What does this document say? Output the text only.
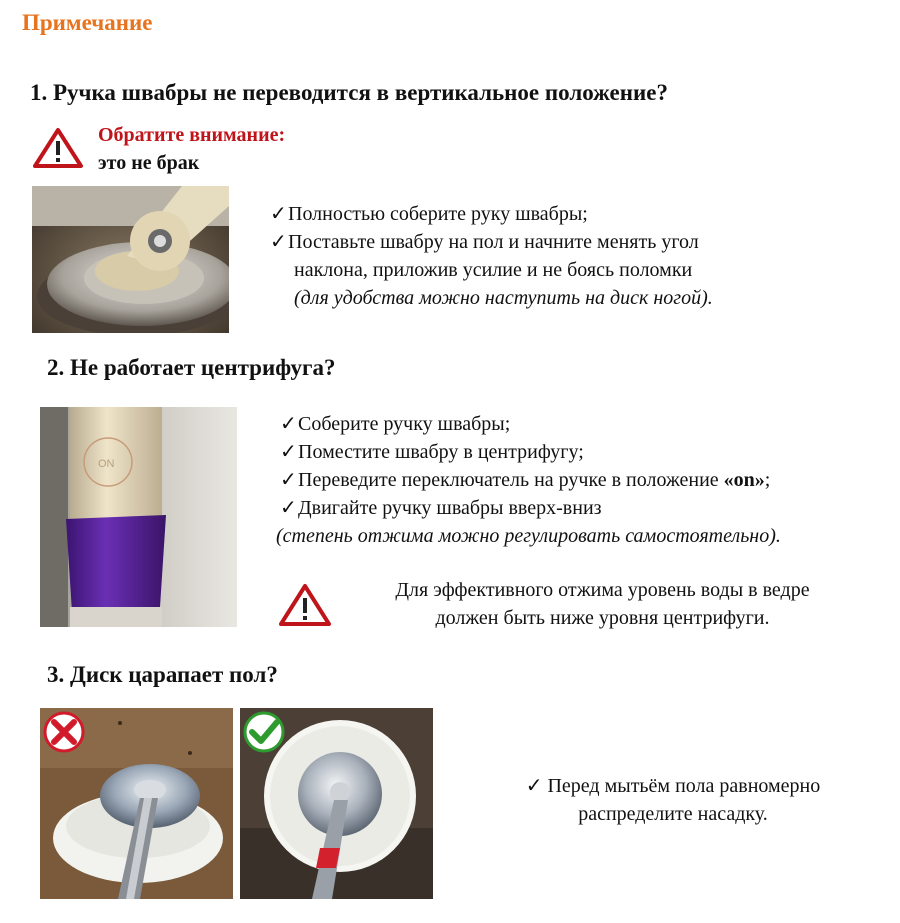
Примечание
1. Ручка швабры не переводится в вертикальное положение?
Обратите внимание:
это не брак
✓Полностью соберите руку швабры;
✓Поставьте швабру на пол и начните менять угол
наклона, приложив усилие и не боясь поломки
(для удобства можно наступить на диск ногой).
2. Не работает центрифуга?
ON
✓Соберите ручку швабры;
✓Поместите швабру в центрифугу;
✓Переведите переключатель на ручке в положение «on»;
✓Двигайте ручку швабры вверх-вниз
(степень отжима можно регулировать самостоятельно).
Для эффективного отжима уровень воды в ведре
должен быть ниже уровня центрифуги.
3. Диск царапает пол?
✓ Перед мытьём пола равномерно
распределите насадку.
